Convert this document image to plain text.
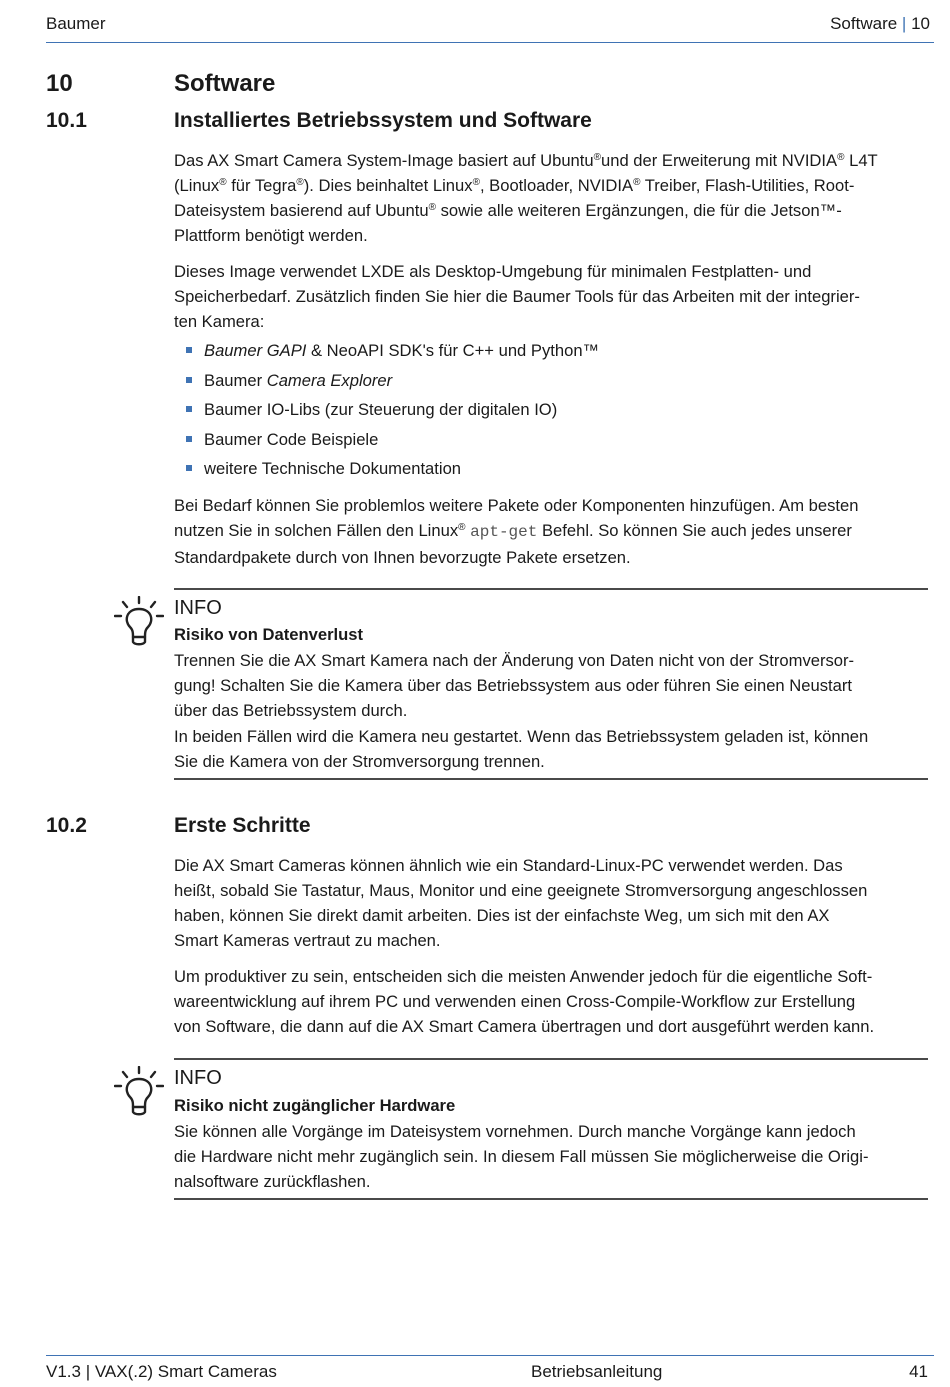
Baumer	Software | 10
10	Software
10.1	Installiertes Betriebssystem und Software
Das AX Smart Camera System-Image basiert auf Ubuntu®und der Erweiterung mit NVIDIA® L4T
(Linux® für Tegra®). Dies beinhaltet Linux®, Bootloader, NVIDIA® Treiber, Flash-Utilities, Root-
Dateisystem basierend auf Ubuntu® sowie alle weiteren Ergänzungen, die für die Jetson™-
Plattform benötigt werden.
Dieses Image verwendet LXDE als Desktop-Umgebung für minimalen Festplatten- und
Speicherbedarf. Zusätzlich finden Sie hier die Baumer Tools für das Arbeiten mit der integrier-
ten Kamera:
Baumer GAPI & NeoAPI SDK's für C++ und Python™
Baumer Camera Explorer
Baumer IO-Libs (zur Steuerung der digitalen IO)
Baumer Code Beispiele
weitere Technische Dokumentation
Bei Bedarf können Sie problemlos weitere Pakete oder Komponenten hinzufügen. Am besten
nutzen Sie in solchen Fällen den Linux® apt-get Befehl. So können Sie auch jedes unserer
Standardpakete durch von Ihnen bevorzugte Pakete ersetzen.
INFO
Risiko von Datenverlust
Trennen Sie die AX Smart Kamera nach der Änderung von Daten nicht von der Stromversor-
gung! Schalten Sie die Kamera über das Betriebssystem aus oder führen Sie einen Neustart
über das Betriebssystem durch.
In beiden Fällen wird die Kamera neu gestartet. Wenn das Betriebssystem geladen ist, können
Sie die Kamera von der Stromversorgung trennen.
10.2	Erste Schritte
Die AX Smart Cameras können ähnlich wie ein Standard-Linux-PC verwendet werden. Das
heißt, sobald Sie Tastatur, Maus, Monitor und eine geeignete Stromversorgung angeschlossen
haben, können Sie direkt damit arbeiten. Dies ist der einfachste Weg, um sich mit den AX
Smart Kameras vertraut zu machen.
Um produktiver zu sein, entscheiden sich die meisten Anwender jedoch für die eigentliche Soft-
wareentwicklung auf ihrem PC und verwenden einen Cross-Compile-Workflow zur Erstellung
von Software, die dann auf die AX Smart Camera übertragen und dort ausgeführt werden kann.
INFO
Risiko nicht zugänglicher Hardware
Sie können alle Vorgänge im Dateisystem vornehmen. Durch manche Vorgänge kann jedoch
die Hardware nicht mehr zugänglich sein. In diesem Fall müssen Sie möglicherweise die Origi-
nalsoftware zurückflashen.
V1.3 | VAX(.2) Smart Cameras	Betriebsanleitung	41
